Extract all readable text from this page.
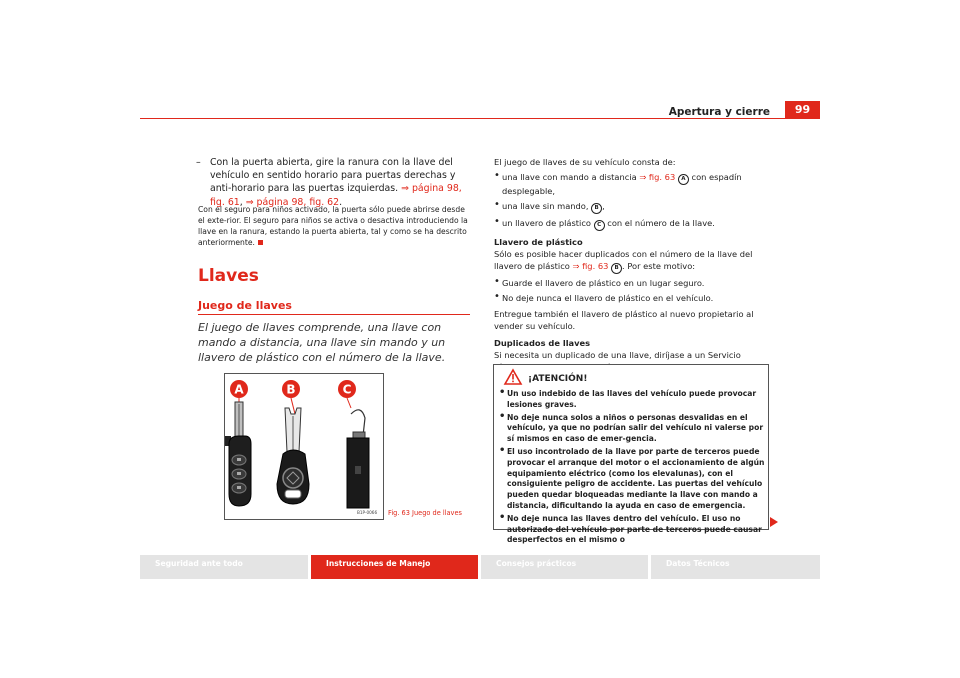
Apertura y cierre	99
– Con la puerta abierta, gire la ranura con la llave del vehículo en sentido horario para puertas derechas y anti-horario para las puertas izquierdas. ⇒ página 98, fig. 61, ⇒ página 98, fig. 62.
Con el seguro para niños activado, la puerta sólo puede abrirse desde el exte-rior. El seguro para niños se activa o desactiva introduciendo la llave en la ranura, estando la puerta abierta, tal y como se ha descrito anteriormente.
Llaves
Juego de llaves
El juego de llaves comprende, una llave con mando a distancia, una llave sin mando y un llavero de plástico con el número de la llave.
A	B	C
B1P-0066 Fig. 63 Juego de llaves
El juego de llaves de su vehículo consta de:
• una llave con mando a distancia ⇒ fig. 63 A con espadín desplegable,
• una llave sin mando, B ,
• un llavero de plástico C con el número de la llave.
Llavero de plástico
Sólo es posible hacer duplicados con el número de la llave del llavero de plástico ⇒ fig. 63 B . Por este motivo:
• Guarde el llavero de plástico en un lugar seguro.
• No deje nunca el llavero de plástico en el vehículo.
Entregue también el llavero de plástico al nuevo propietario al vender su vehículo.
Duplicados de llaves
Si necesita un duplicado de una llave, diríjase a un Servicio
¡ATENCIÓN!
• Un uso indebido de las llaves del vehículo puede provocar lesiones graves.
• No deje nunca solos a niños o personas desvalidas en el vehículo, ya que no podrían salir del vehículo ni valerse por sí mismos en caso de emer-gencia.
• El uso incontrolado de la llave por parte de terceros puede provocar el arranque del motor o el accionamiento de algún equipamiento eléctrico (como los elevalunas), con el consiguiente peligro de accidente. Las puertas del vehículo pueden quedar bloqueadas mediante la llave con mando a distancia, dificultando la ayuda en caso de emergencia.
• No deje nunca las llaves dentro del vehículo. El uso no autorizado del vehículo por parte de terceros puede causar desperfectos en el mismo o
Seguridad ante todo	Instrucciones de Manejo	Consejos prácticos	Datos Técnicos
